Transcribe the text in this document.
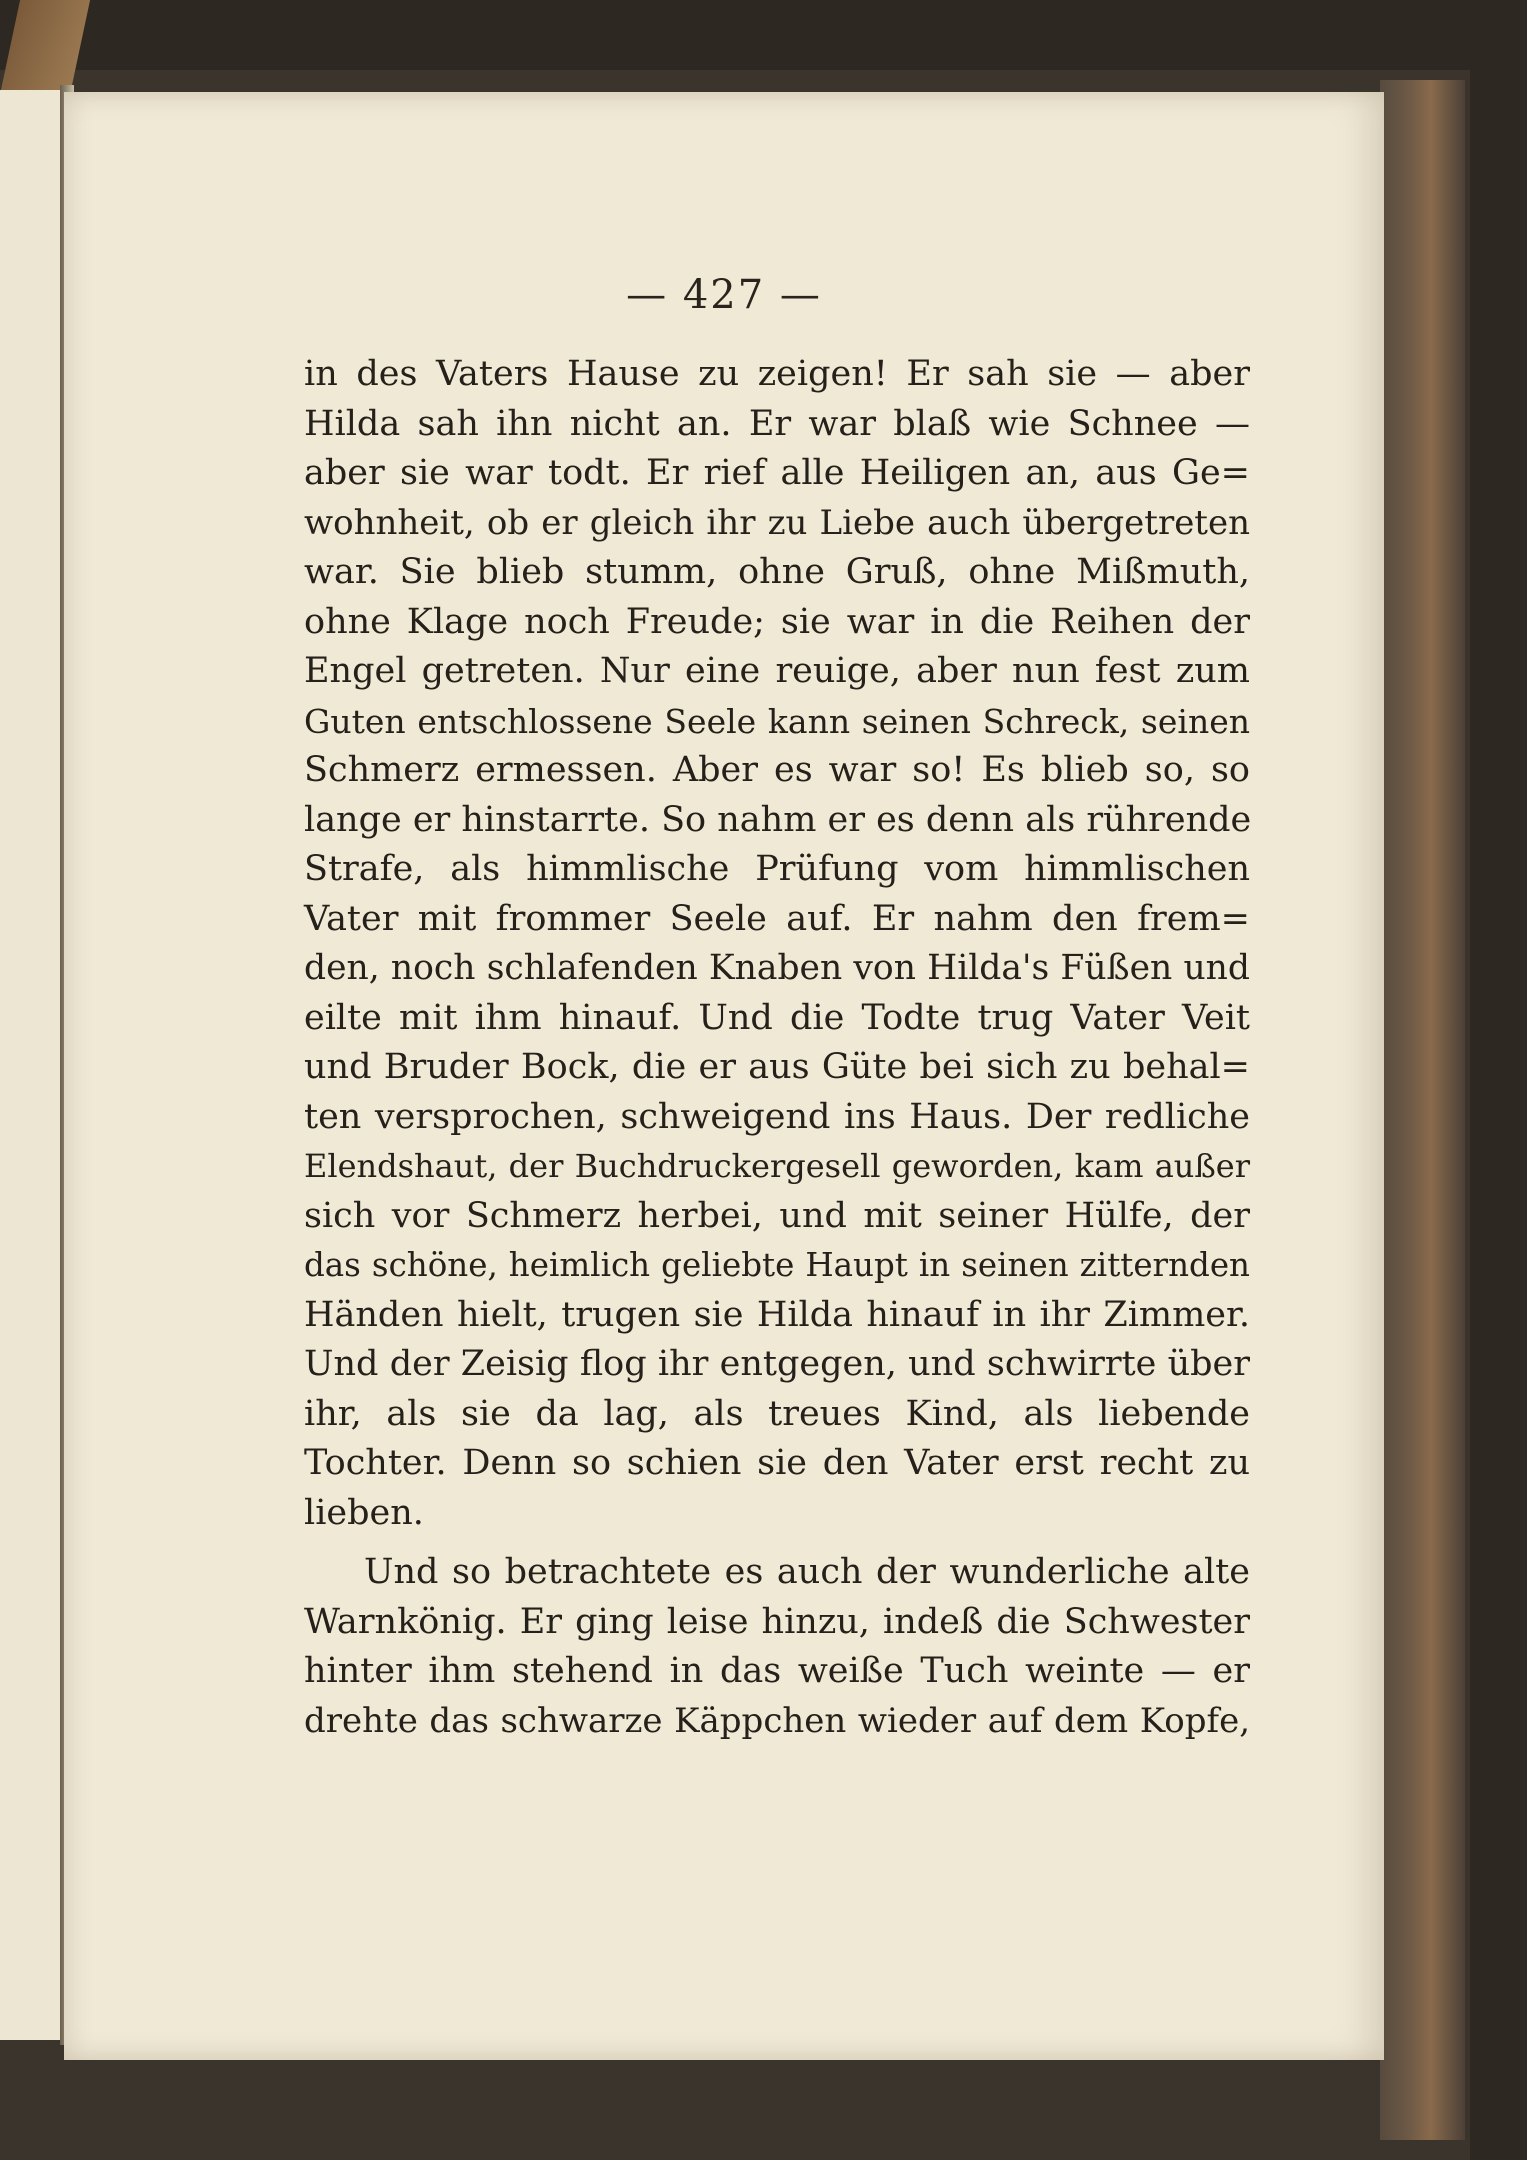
— 427 —
in des Vaters Hause zu zeigen! Er sah sie — aber
Hilda sah ihn nicht an. Er war blaß wie Schnee —
aber sie war todt. Er rief alle Heiligen an, aus Ge=
wohnheit, ob er gleich ihr zu Liebe auch übergetreten
war. Sie blieb stumm, ohne Gruß, ohne Mißmuth,
ohne Klage noch Freude; sie war in die Reihen der
Engel getreten. Nur eine reuige, aber nun fest zum
Guten entschlossene Seele kann seinen Schreck, seinen
Schmerz ermessen. Aber es war so! Es blieb so, so
lange er hinstarrte. So nahm er es denn als rührende
Strafe, als himmlische Prüfung vom himmlischen
Vater mit frommer Seele auf. Er nahm den frem=
den, noch schlafenden Knaben von Hilda's Füßen und
eilte mit ihm hinauf. Und die Todte trug Vater Veit
und Bruder Bock, die er aus Güte bei sich zu behal=
ten versprochen, schweigend ins Haus. Der redliche
Elendshaut, der Buchdruckergesell geworden, kam außer
sich vor Schmerz herbei, und mit seiner Hülfe, der
das schöne, heimlich geliebte Haupt in seinen zitternden
Händen hielt, trugen sie Hilda hinauf in ihr Zimmer.
Und der Zeisig flog ihr entgegen, und schwirrte über
ihr, als sie da lag, als treues Kind, als liebende
Tochter. Denn so schien sie den Vater erst recht zu
lieben.
Und so betrachtete es auch der wunderliche alte
Warnkönig. Er ging leise hinzu, indeß die Schwester
hinter ihm stehend in das weiße Tuch weinte — er
drehte das schwarze Käppchen wieder auf dem Kopfe,
